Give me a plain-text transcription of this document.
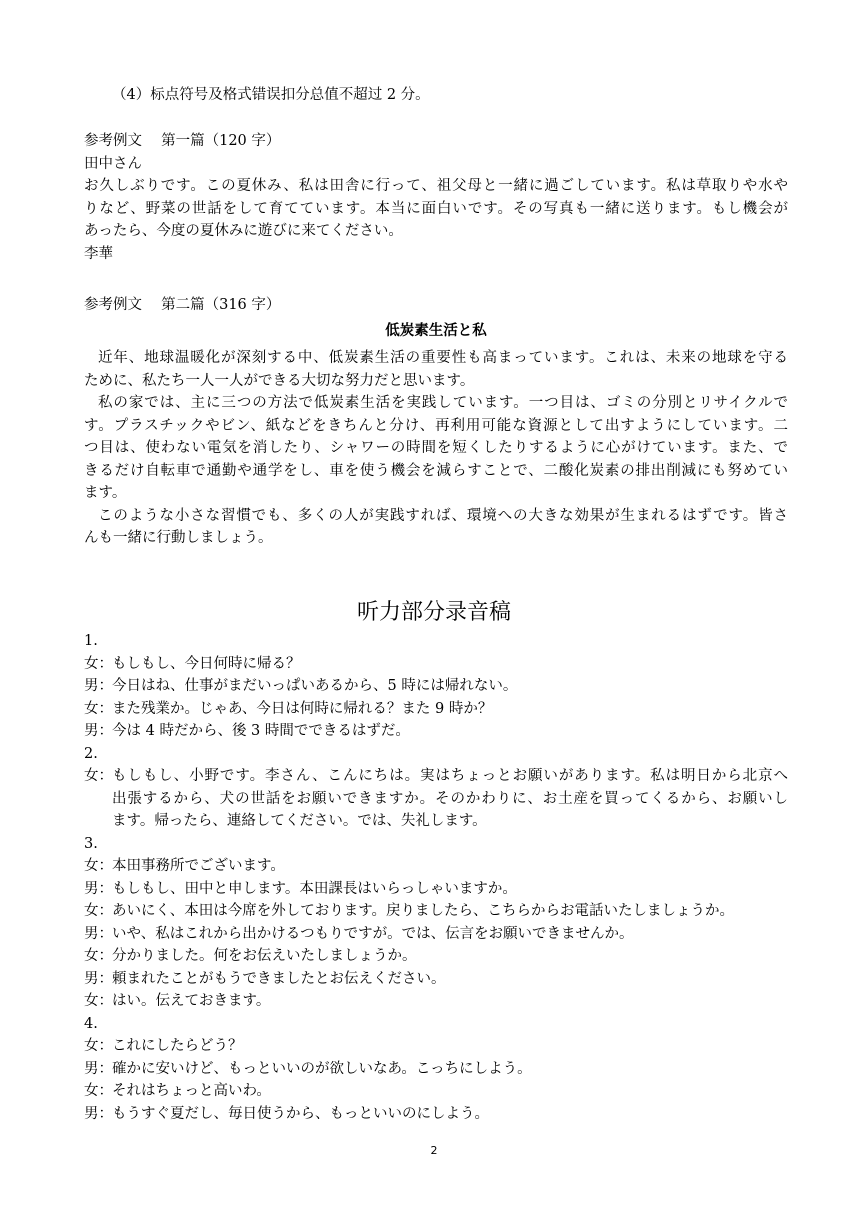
（4）标点符号及格式错误扣分总值不超过 2 分。
参考例文　 第一篇（120 字）
田中さん
お久しぶりです。この夏休み、私は田舎に行って、祖父母と一緒に過ごしています。私は草取りや水や
りなど、野菜の世話をして育てています。本当に面白いです。その写真も一緒に送ります。もし機会が
あったら、今度の夏休みに遊びに来てください。
李華
参考例文　 第二篇（316 字）
低炭素生活と私
近年、地球温暖化が深刻する中、低炭素生活の重要性も高まっています。これは、未来の地球を守る
ために、私たち一人一人ができる大切な努力だと思います。
私の家では、主に三つの方法で低炭素生活を実践しています。一つ目は、ゴミの分別とリサイクルで
す。プラスチックやビン、紙などをきちんと分け、再利用可能な資源として出すようにしています。二
つ目は、使わない電気を消したり、シャワーの時間を短くしたりするように心がけています。また、で
きるだけ自転車で通勤や通学をし、車を使う機会を減らすことで、二酸化炭素の排出削減にも努めてい
ます。
このような小さな習慣でも、多くの人が実践すれば、環境への大きな効果が生まれるはずです。皆さ
んも一緒に行動しましょう。
听力部分录音稿
1.
女： もしもし、今日何時に帰る？
男： 今日はね、仕事がまだいっぱいあるから、5 時には帰れない。
女： また残業か。じゃあ、今日は何時に帰れる？また 9 時か？
男： 今は 4 時だから、後 3 時間でできるはずだ。
2.
女： もしもし、小野です。李さん、こんにちは。実はちょっとお願いがあります。私は明日から北京へ
出張するから、犬の世話をお願いできますか。そのかわりに、お土産を買ってくるから、お願いし
ます。帰ったら、連絡してください。では、失礼します。
3.
女： 本田事務所でございます。
男： もしもし、田中と申します。本田課長はいらっしゃいますか。
女： あいにく、本田は今席を外しております。戻りましたら、こちらからお電話いたしましょうか。
男： いや、私はこれから出かけるつもりですが。では、伝言をお願いできませんか。
女： 分かりました。何をお伝えいたしましょうか。
男： 頼まれたことがもうできましたとお伝えください。
女： はい。伝えておきます。
4.
女： これにしたらどう？
男： 確かに安いけど、もっといいのが欲しいなあ。こっちにしよう。
女： それはちょっと高いわ。
男： もうすぐ夏だし、毎日使うから、もっといいのにしよう。
2
